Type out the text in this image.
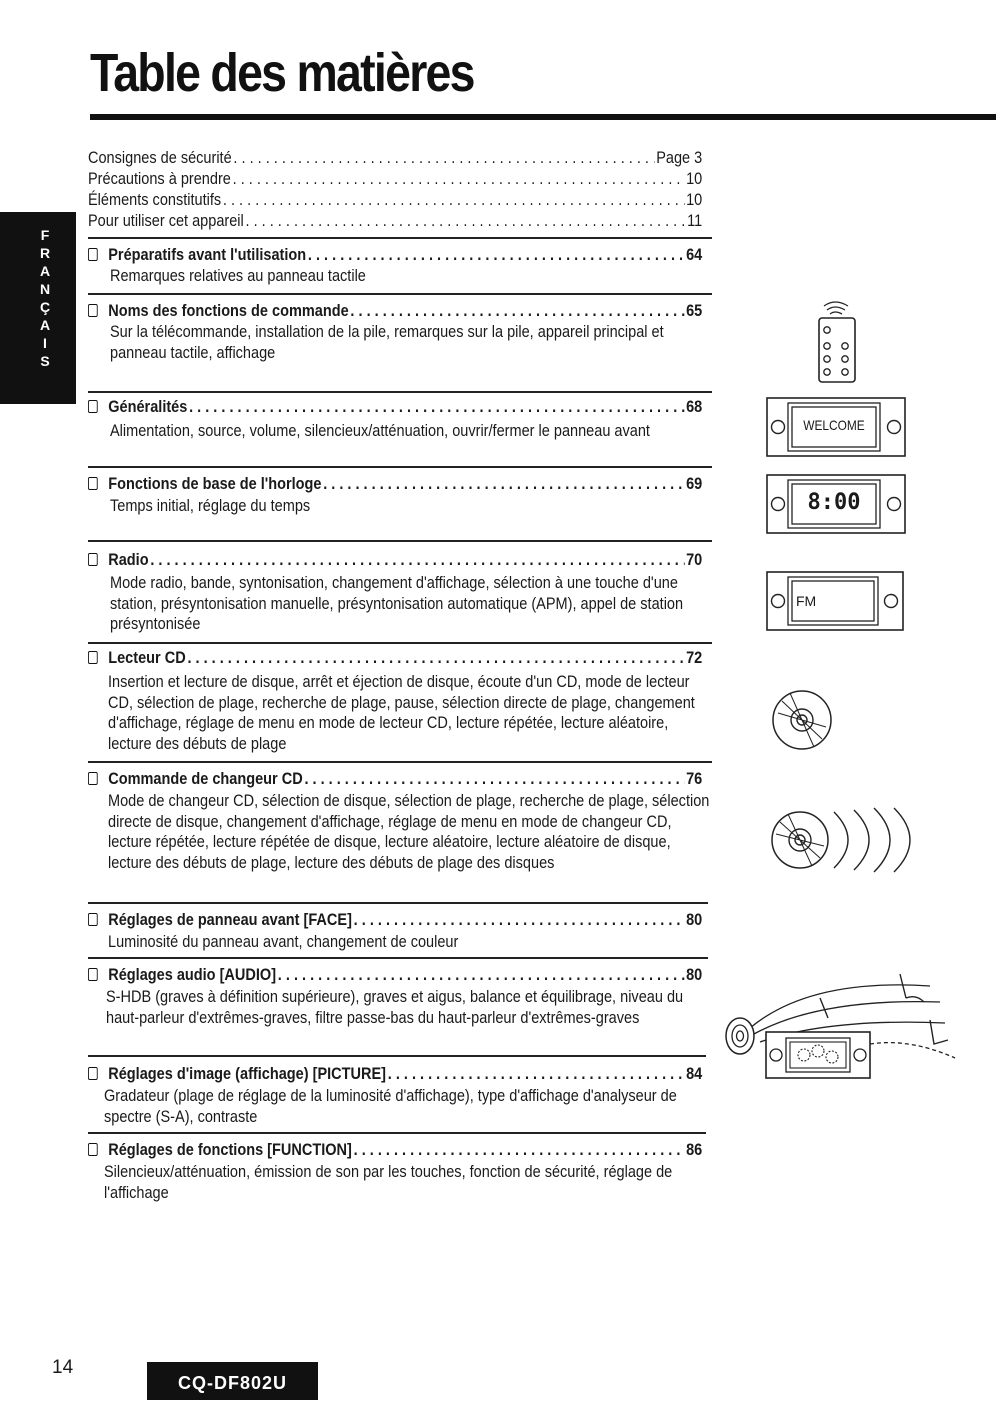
Table des matières
F
R
A
N
Ç
A
I
S
Consignes de sécurité . . .	Page 3
Précautions à prendre . . .	10
Éléments constitutifs . . .	10
Pour utiliser cet appareil . . .	11
Préparatifs avant l'utilisation . . .	64
Remarques relatives au panneau tactile
Noms des fonctions de commande . . .	65
Sur la télécommande, installation de la pile, remarques sur la pile, appareil principal et panneau tactile, affichage
Généralités . . .	68
Alimentation, source, volume, silencieux/atténuation, ouvrir/fermer le panneau avant
Fonctions de base de l'horloge . . .	69
Temps initial, réglage du temps
Radio . . .	70
Mode radio, bande, syntonisation, changement d'affichage, sélection à une touche d'une station, présyntonisation manuelle, présyntonisation automatique (APM), appel de station présyntonisée
Lecteur CD . . .	72
Insertion et lecture de disque, arrêt et éjection de disque, écoute d'un CD, mode de lecteur CD, sélection de plage, recherche de plage, pause, sélection directe de plage, changement d'affichage, réglage de menu en mode de lecteur CD, lecture répétée, lecture aléatoire, lecture des débuts de plage
Commande de changeur CD . . .	76
Mode de changeur CD, sélection de disque, sélection de plage, recherche de plage, sélection directe de disque, changement d'affichage, réglage de menu en mode de changeur CD, lecture répétée, lecture répétée de disque, lecture aléatoire, lecture aléatoire de disque, lecture des débuts de plage, lecture des débuts de plage des disques
Réglages de panneau avant [FACE] . . .	80
Luminosité du panneau avant, changement de couleur
Réglages audio [AUDIO] . . .	80
S-HDB (graves à définition supérieure), graves et aigus, balance et équilibrage, niveau du haut-parleur d'extrêmes-graves, filtre passe-bas du haut-parleur d'extrêmes-graves
Réglages d'image (affichage) [PICTURE] . . .	84
Gradateur (plage de réglage de la luminosité d'affichage), type d'affichage d'analyseur de spectre (S-A), contraste
Réglages de fonctions [FUNCTION] . . .	86
Silencieux/atténuation, émission de son par les touches, fonction de sécurité, réglage de l'affichage
WELCOME
8:00
FM
14
CQ-DF802U
